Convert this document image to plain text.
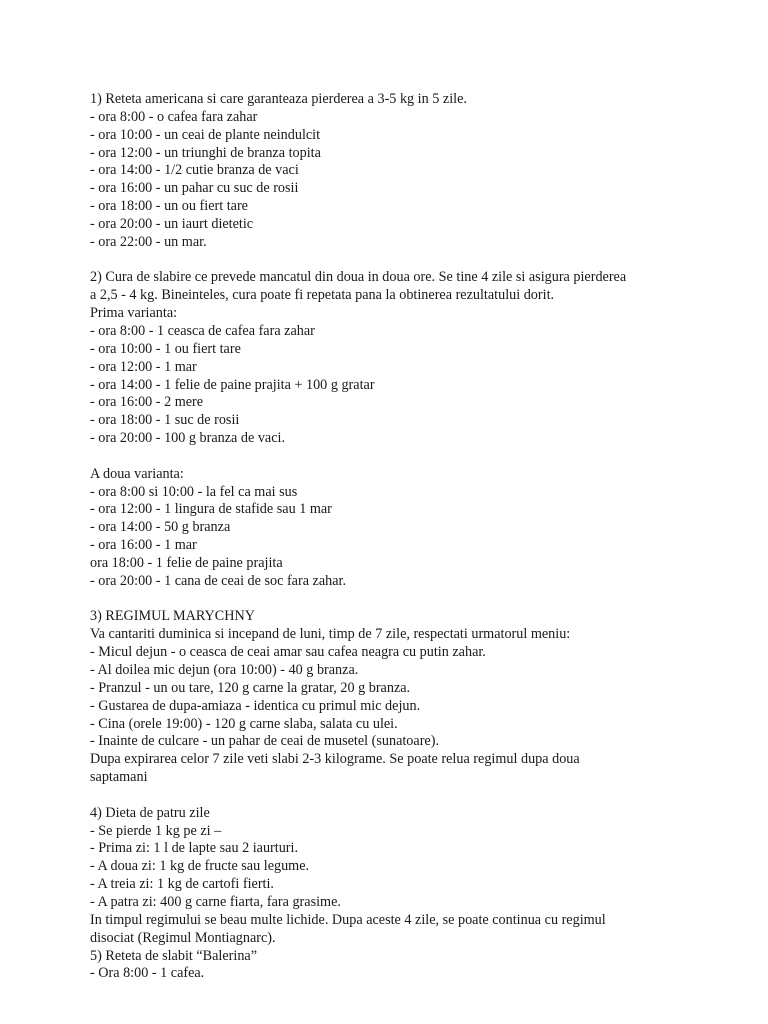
1) Reteta americana si care garanteaza pierderea a 3-5 kg in 5 zile.
- ora 8:00 - o cafea fara zahar
- ora 10:00 - un ceai de plante neindulcit
- ora 12:00 - un triunghi de branza topita
- ora 14:00 - 1/2 cutie branza de vaci
- ora 16:00 - un pahar cu suc de rosii
- ora 18:00 - un ou fiert tare
- ora 20:00 - un iaurt dietetic
- ora 22:00 - un mar.
2) Cura de slabire ce prevede mancatul din doua in doua ore. Se tine 4 zile si asigura pierderea
a 2,5 - 4 kg. Bineinteles, cura poate fi repetata pana la obtinerea rezultatului dorit.
Prima varianta:
- ora 8:00 - 1 ceasca de cafea fara zahar
- ora 10:00 - 1 ou fiert tare
- ora 12:00 - 1 mar
- ora 14:00 - 1 felie de paine prajita + 100 g gratar
- ora 16:00 - 2 mere
- ora 18:00 - 1 suc de rosii
- ora 20:00 - 100 g branza de vaci.
A doua varianta:
- ora 8:00 si 10:00 - la fel ca mai sus
- ora 12:00 - 1 lingura de stafide sau 1 mar
- ora 14:00 - 50 g branza
- ora 16:00 - 1 mar
ora 18:00 - 1 felie de paine prajita
- ora 20:00 - 1 cana de ceai de soc fara zahar.
3) REGIMUL MARYCHNY
Va cantariti duminica si incepand de luni, timp de 7 zile, respectati urmatorul meniu:
- Micul dejun - o ceasca de ceai amar sau cafea neagra cu putin zahar.
- Al doilea mic dejun (ora 10:00) - 40 g branza.
- Pranzul - un ou tare, 120 g carne la gratar, 20 g branza.
- Gustarea de dupa-amiaza - identica cu primul mic dejun.
- Cina (orele 19:00) - 120 g carne slaba, salata cu ulei.
- Inainte de culcare - un pahar de ceai de musetel (sunatoare).
Dupa expirarea celor 7 zile veti slabi 2-3 kilograme. Se poate relua regimul dupa doua
saptamani
4) Dieta de patru zile
- Se pierde 1 kg pe zi –
- Prima zi: 1 l de lapte sau 2 iaurturi.
- A doua zi: 1 kg de fructe sau legume.
- A treia zi: 1 kg de cartofi fierti.
- A patra zi: 400 g carne fiarta, fara grasime.
In timpul regimului se beau multe lichide. Dupa aceste 4 zile, se poate continua cu regimul
disociat (Regimul Montiagnarc).
5) Reteta de slabit “Balerina”
- Ora 8:00 - 1 cafea.
